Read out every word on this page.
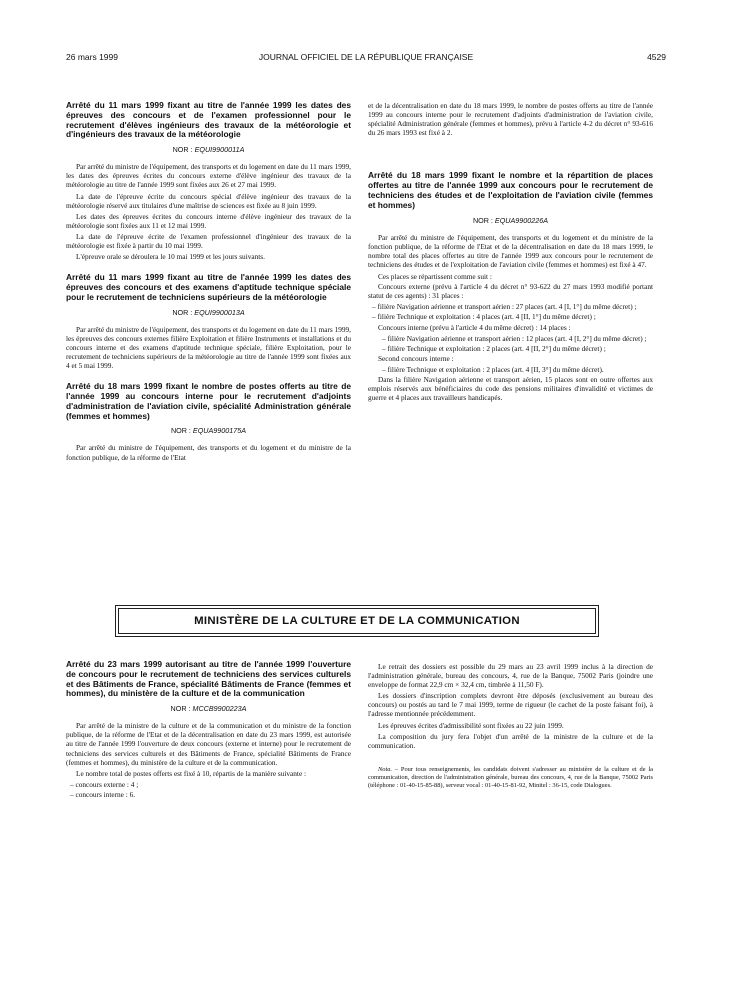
26 mars 1999	JOURNAL OFFICIEL DE LA RÉPUBLIQUE FRANÇAISE	4529
Arrêté du 11 mars 1999 fixant au titre de l'année 1999 les dates des épreuves des concours et de l'examen professionnel pour le recrutement d'élèves ingénieurs des travaux de la météorologie et d'ingénieurs des travaux de la météorologie
NOR : EQUI9900011A

Par arrêté du ministre de l'équipement, des transports et du logement en date du 11 mars 1999, les dates des épreuves écrites du concours externe d'élève ingénieur des travaux de la météorologie au titre de l'année 1999 sont fixées aux 26 et 27 mai 1999.

La date de l'épreuve écrite du concours spécial d'élève ingénieur des travaux de la météorologie réservé aux titulaires d'une maîtrise de sciences est fixée au 8 juin 1999.

Les dates des épreuves écrites du concours interne d'élève ingénieur des travaux de la météorologie sont fixées aux 11 et 12 mai 1999.

La date de l'épreuve écrite de l'examen professionnel d'ingénieur des travaux de la météorologie est fixée à partir du 10 mai 1999.

L'épreuve orale se déroulera le 10 mai 1999 et les jours suivants.

Arrêté du 11 mars 1999 fixant au titre de l'année 1999 les dates des épreuves des concours et des examens d'aptitude technique spéciale pour le recrutement de techniciens supérieurs de la météorologie
NOR : EQUI9900013A

Par arrêté du ministre de l'équipement, des transports et du logement en date du 11 mars 1999, les épreuves des concours externes filière Exploitation et filière Instruments et installations et du concours interne et des examens d'aptitude technique spéciale, filière Exploitation, pour le recrutement de techniciens supérieurs de la météorologie au titre de l'année 1999 sont fixées aux 4 et 5 mai 1999.

Arrêté du 18 mars 1999 fixant le nombre de postes offerts au titre de l'année 1999 au concours interne pour le recrutement d'adjoints d'administration de l'aviation civile, spécialité Administration générale (femmes et hommes)
NOR : EQUA9900175A

Par arrêté du ministre de l'équipement, des transports et du logement et du ministre de la fonction publique, de la réforme de l'Etat

et de la décentralisation en date du 18 mars 1999, le nombre de postes offerts au titre de l'année 1999 au concours interne pour le recrutement d'adjoints d'administration de l'aviation civile, spécialité Administration générale (femmes et hommes), prévu à l'article 4-2 du décret n° 93-616 du 26 mars 1993 est fixé à 2.

Arrêté du 18 mars 1999 fixant le nombre et la répartition de places offertes au titre de l'année 1999 aux concours pour le recrutement de techniciens des études et de l'exploitation de l'aviation civile (femmes et hommes)
NOR : EQUA9900226A

Par arrêté du ministre de l'équipement, des transports et du logement et du ministre de la fonction publique, de la réforme de l'Etat et de la décentralisation en date du 18 mars 1999, le nombre total des places offertes au titre de l'année 1999 aux concours pour le recrutement de techniciens des études et de l'exploitation de l'aviation civile (femmes et hommes) est fixé à 47.

Ces places se répartissent comme suit :

Concours externe (prévu à l'article 4 du décret n° 93-622 du 27 mars 1993 modifié portant statut de ces agents) : 31 places :

– filière Navigation aérienne et transport aérien : 27 places (art. 4 [I, 1°] du même décret) ;

– filière Technique et exploitation : 4 places (art. 4 [II, 1°] du même décret) ;

Concours interne (prévu à l'article 4 du même décret) : 14 places :

– filière Navigation aérienne et transport aérien : 12 places (art. 4 [I, 2°] du même décret) ;

– filière Technique et exploitation : 2 places (art. 4 [II, 2°] du même décret) ;

Second concours interne :

– filière Technique et exploitation : 2 places (art. 4 [II, 3°] du même décret).

Dans la filière Navigation aérienne et transport aérien, 15 places sont en outre offertes aux emplois réservés aux bénéficiaires du code des pensions militaires d'invalidité et victimes de guerre et 4 places aux travailleurs handicapés.

MINISTÈRE DE LA CULTURE ET DE LA COMMUNICATION
Arrêté du 23 mars 1999 autorisant au titre de l'année 1999 l'ouverture de concours pour le recrutement de techniciens des services culturels et des Bâtiments de France, spécialité Bâtiments de France (femmes et hommes), du ministère de la culture et de la communication
NOR : MCCB9900223A

Par arrêté de la ministre de la culture et de la communication et du ministre de la fonction publique, de la réforme de l'Etat et de la décentralisation en date du 23 mars 1999, est autorisée au titre de l'année 1999 l'ouverture de deux concours (externe et interne) pour le recrutement de techniciens des services culturels et des Bâtiments de France, spécialité Bâtiments de France (femmes et hommes), du ministère de la culture et de la communication.

Le nombre total de postes offerts est fixé à 10, répartis de la manière suivante :

– concours externe : 4 ;

– concours interne : 6.

Le retrait des dossiers est possible du 29 mars au 23 avril 1999 inclus à la direction de l'administration générale, bureau des concours, 4, rue de la Banque, 75002 Paris (joindre une enveloppe de format 22,9 cm × 32,4 cm, timbrée à 11,50 F).

Les dossiers d'inscription complets devront être déposés (exclusivement au bureau des concours) ou postés au tard le 7 mai 1999, terme de rigueur (le cachet de la poste faisant foi), à l'adresse mentionnée précédemment.

Les épreuves écrites d'admissibilité sont fixées au 22 juin 1999.

La composition du jury fera l'objet d'un arrêté de la ministre de la culture et de la communication.

Nota. – Pour tous renseignements, les candidats doivent s'adresser au ministère de la culture et de la communication, direction de l'administration générale, bureau des concours, 4, rue de la Banque, 75002 Paris (téléphone : 01-40-15-85-88), serveur vocal : 01-40-15-81-92, Minitel : 36-15, code Dialogues.
